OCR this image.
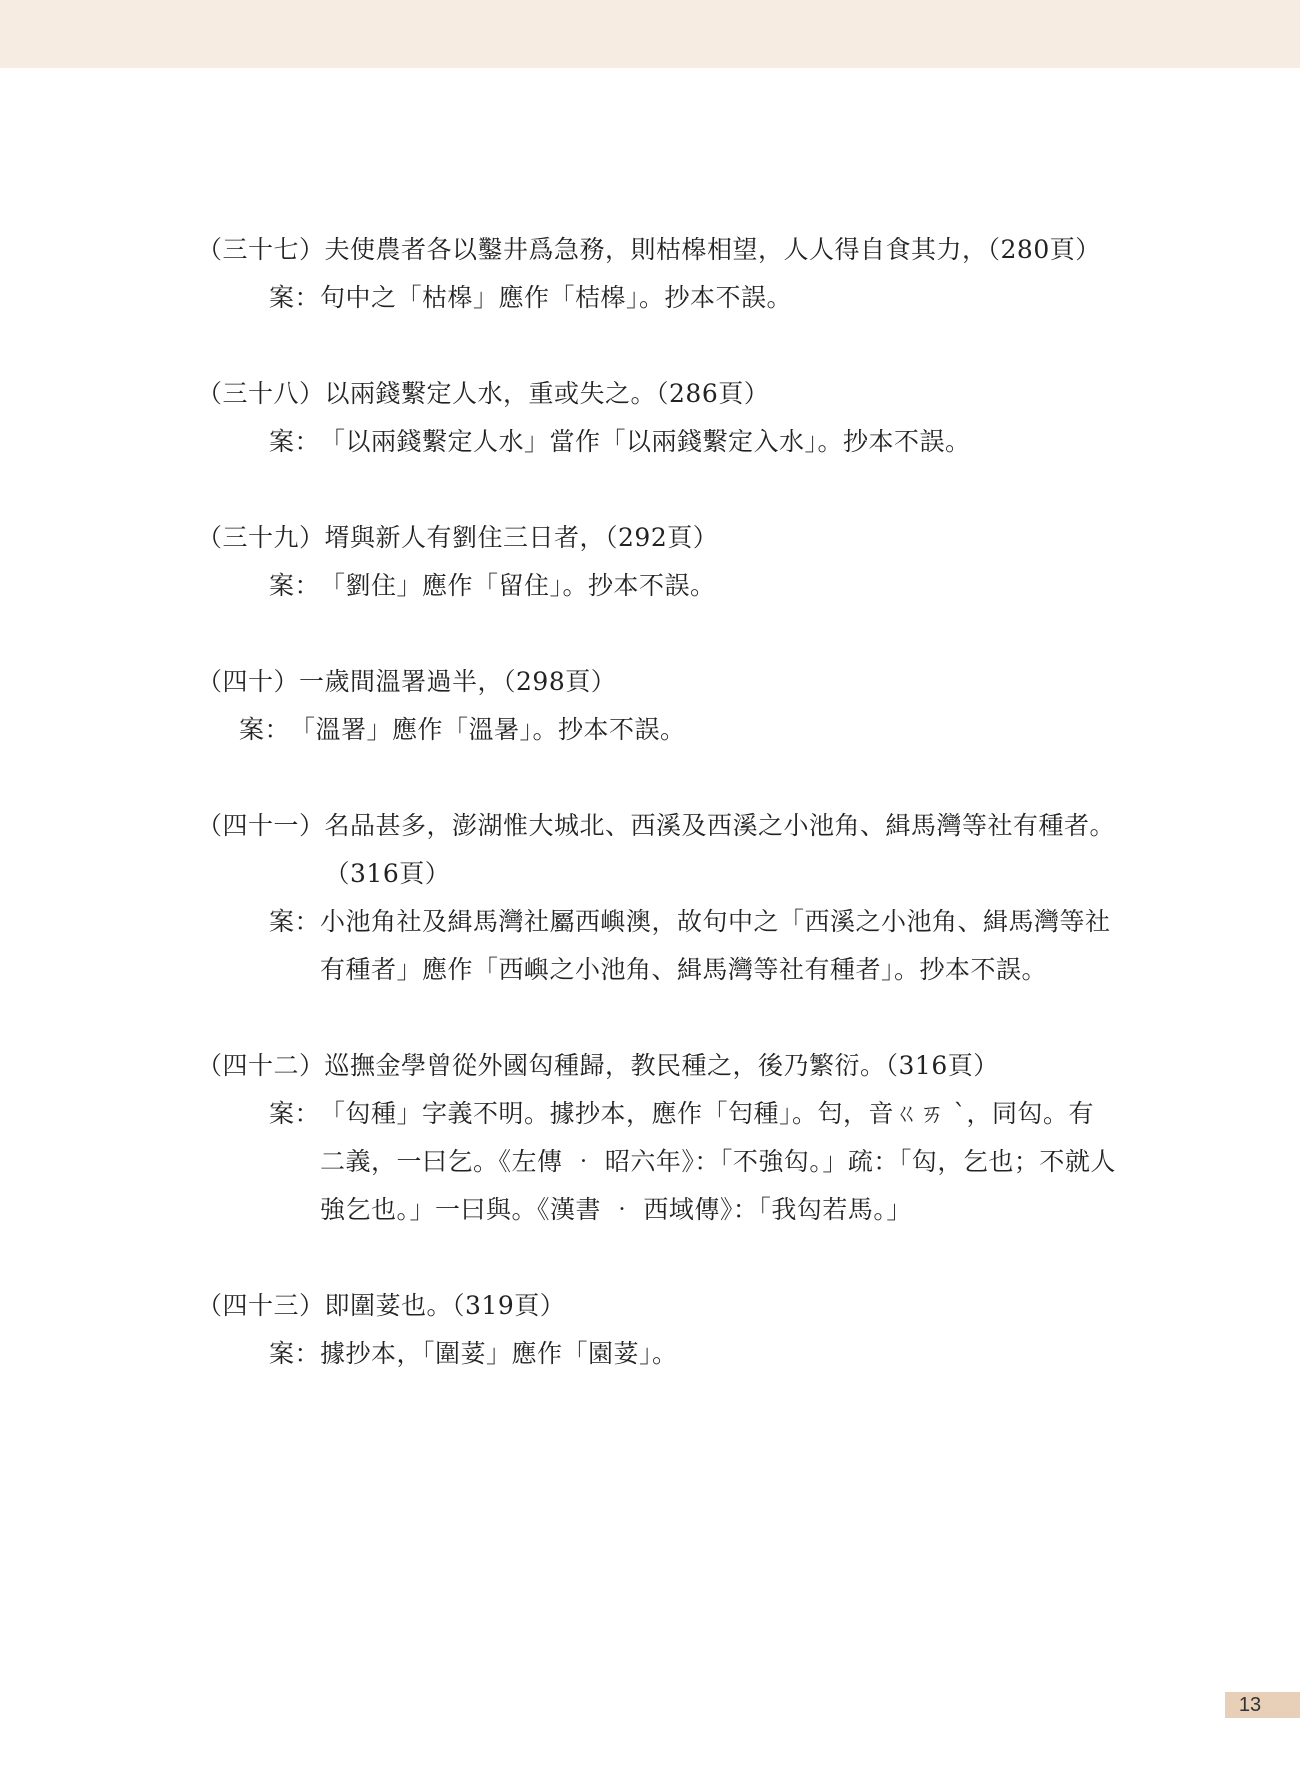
（三十七） 夫使農者各以鑿井爲急務，則枯槔相望，人人得自食其力，（280頁）
案： 句中之「枯槔」應作「桔槔」。抄本不誤。
（三十八） 以兩錢繫定人水，重或失之。（286頁）
案： 「以兩錢繫定人水」當作「以兩錢繫定入水」。抄本不誤。
（三十九） 壻與新人有劉住三日者，（292頁）
案： 「劉住」應作「留住」。抄本不誤。
（四十） 一歲間溫署過半，（298頁）
案： 「溫署」應作「溫暑」。抄本不誤。
（四十一） 名品甚多，澎湖惟大城北、西溪及西溪之小池角、緝馬灣等社有種者。（316頁）
案： 小池角社及緝馬灣社屬西嶼澳，故句中之「西溪之小池角、緝馬灣等社有種者」應作「西嶼之小池角、緝馬灣等社有種者」。抄本不誤。
（四十二） 巡撫金學曾從外國匃種歸，教民種之，後乃繁衍。（316頁）
案： 「匃種」字義不明。據抄本，應作「匄種」。匄，音ㄍㄞ ˋ，同匃。有二義，一曰乞。《左傳 ‧ 昭六年》：「不強匃。」疏：「匃，乞也；不就人強乞也。」一曰與。《漢書 ‧ 西域傳》：「我匃若馬。」
（四十三） 即圍荽也。（319頁）
案： 據抄本，「圍荽」應作「園荽」。
13
